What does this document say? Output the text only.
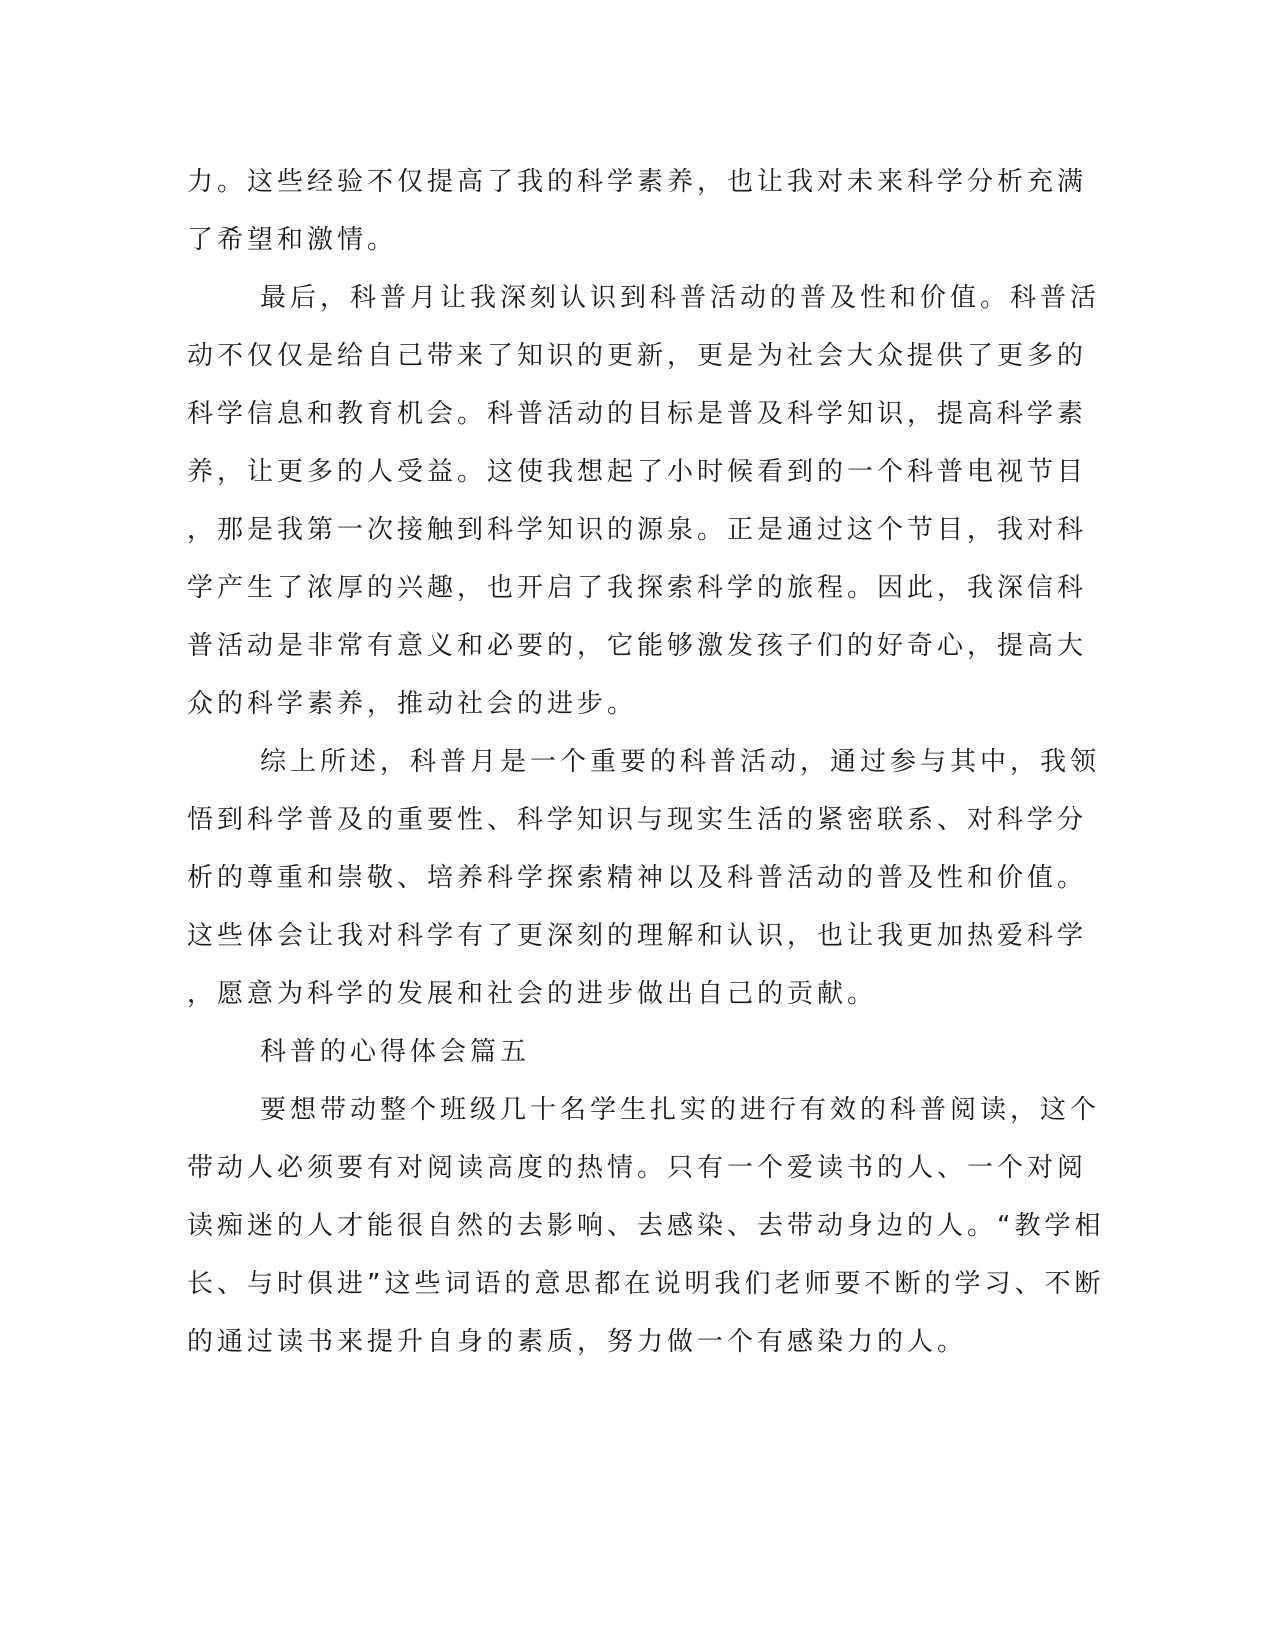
力。这些经验不仅提高了我的科学素养，也让我对未来科学分析充满

了希望和激情。

最后，科普月让我深刻认识到科普活动的普及性和价值。科普活

动不仅仅是给自己带来了知识的更新，更是为社会大众提供了更多的

科学信息和教育机会。科普活动的目标是普及科学知识，提高科学素

养，让更多的人受益。这使我想起了小时候看到的一个科普电视节目

，那是我第一次接触到科学知识的源泉。正是通过这个节目，我对科

学产生了浓厚的兴趣，也开启了我探索科学的旅程。因此，我深信科

普活动是非常有意义和必要的，它能够激发孩子们的好奇心，提高大

众的科学素养，推动社会的进步。

综上所述，科普月是一个重要的科普活动，通过参与其中，我领

悟到科学普及的重要性、科学知识与现实生活的紧密联系、对科学分

析的尊重和崇敬、培养科学探索精神以及科普活动的普及性和价值。

这些体会让我对科学有了更深刻的理解和认识，也让我更加热爱科学

，愿意为科学的发展和社会的进步做出自己的贡献。

科普的心得体会篇五

要想带动整个班级几十名学生扎实的进行有效的科普阅读，这个

带动人必须要有对阅读高度的热情。只有一个爱读书的人、一个对阅

读痴迷的人才能很自然的去影响、去感染、去带动身边的人。“教学相

长、与时俱进”这些词语的意思都在说明我们老师要不断的学习、不断

的通过读书来提升自身的素质，努力做一个有感染力的人。
